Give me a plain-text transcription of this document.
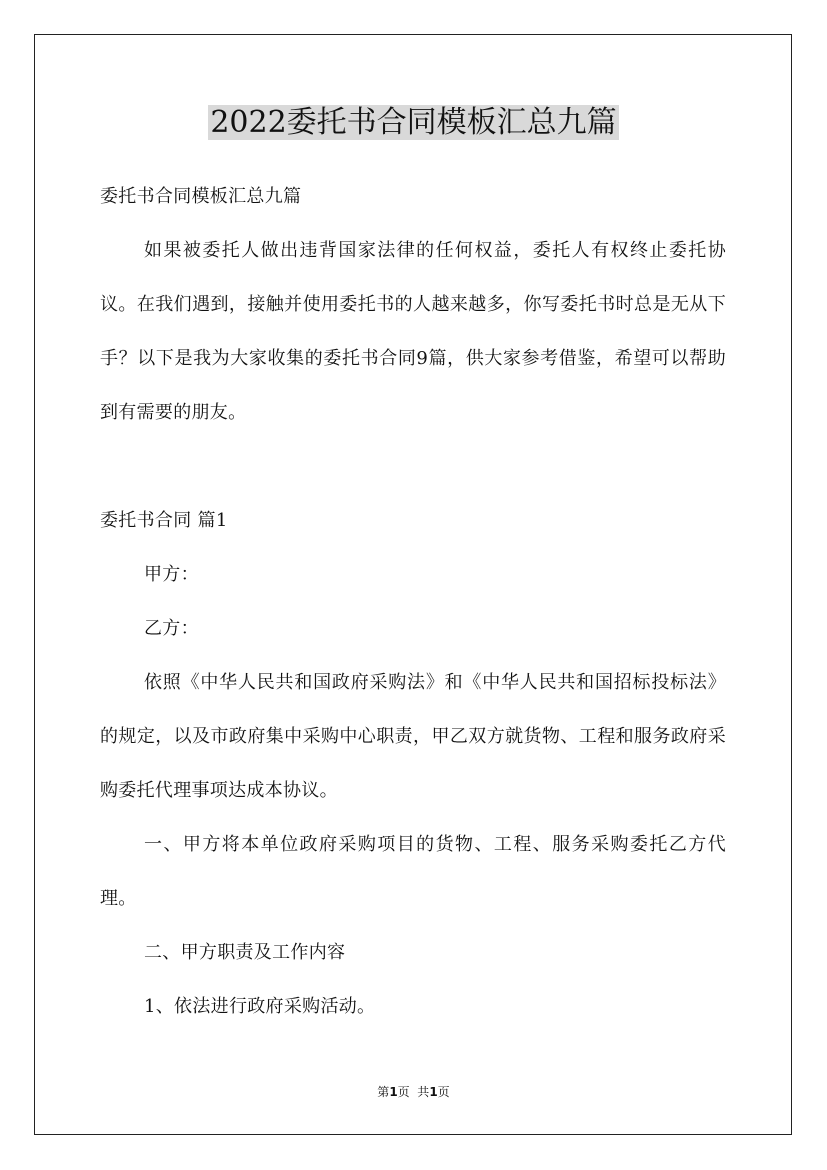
2022委托书合同模板汇总九篇

委托书合同模板汇总九篇

如果被委托人做出违背国家法律的任何权益，委托人有权终止委托协议。在我们遇到，接触并使用委托书的人越来越多，你写委托书时总是无从下手？以下是我为大家收集的委托书合同9篇，供大家参考借鉴，希望可以帮助到有需要的朋友。

委托书合同 篇1

甲方：

乙方：

依照《中华人民共和国政府采购法》和《中华人民共和国招标投标法》的规定，以及市政府集中采购中心职责，甲乙双方就货物、工程和服务政府采购委托代理事项达成本协议。

一、甲方将本单位政府采购项目的货物、工程、服务采购委托乙方代理。

二、甲方职责及工作内容

1、依法进行政府采购活动。

第1页  共1页
